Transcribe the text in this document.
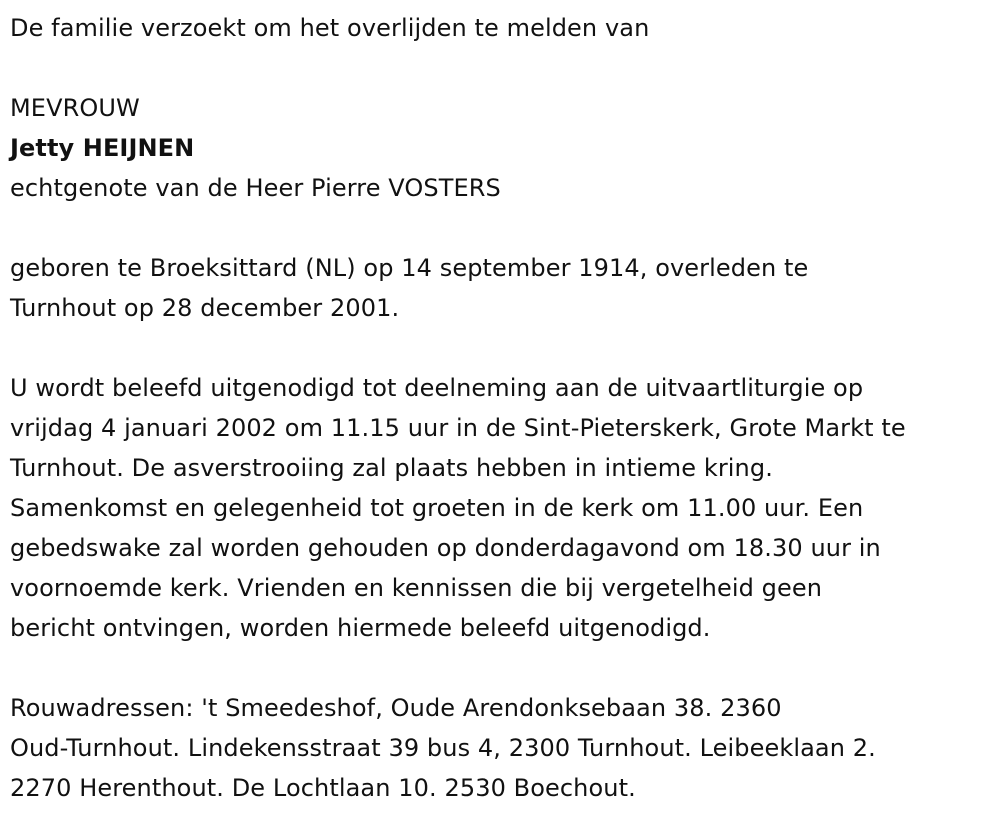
De familie verzoekt om het overlijden te melden van

MEVROUW

Jetty HEIJNEN

echtgenote van de Heer Pierre VOSTERS

geboren te Broeksittard (NL) op 14 september 1914, overleden te

Turnhout op 28 december 2001.

U wordt beleefd uitgenodigd tot deelneming aan de uitvaartliturgie op

vrijdag 4 januari 2002 om 11.15 uur in de Sint-Pieterskerk, Grote Markt te

Turnhout. De asverstrooiing zal plaats hebben in intieme kring.

Samenkomst en gelegenheid tot groeten in de kerk om 11.00 uur. Een

gebedswake zal worden gehouden op donderdagavond om 18.30 uur in

voornoemde kerk. Vrienden en kennissen die bij vergetelheid geen

bericht ontvingen, worden hiermede beleefd uitgenodigd.

Rouwadressen: 't Smeedeshof, Oude Arendonksebaan 38. 2360

Oud-Turnhout. Lindekensstraat 39 bus 4, 2300 Turnhout. Leibeeklaan 2.

2270 Herenthout. De Lochtlaan 10. 2530 Boechout.
